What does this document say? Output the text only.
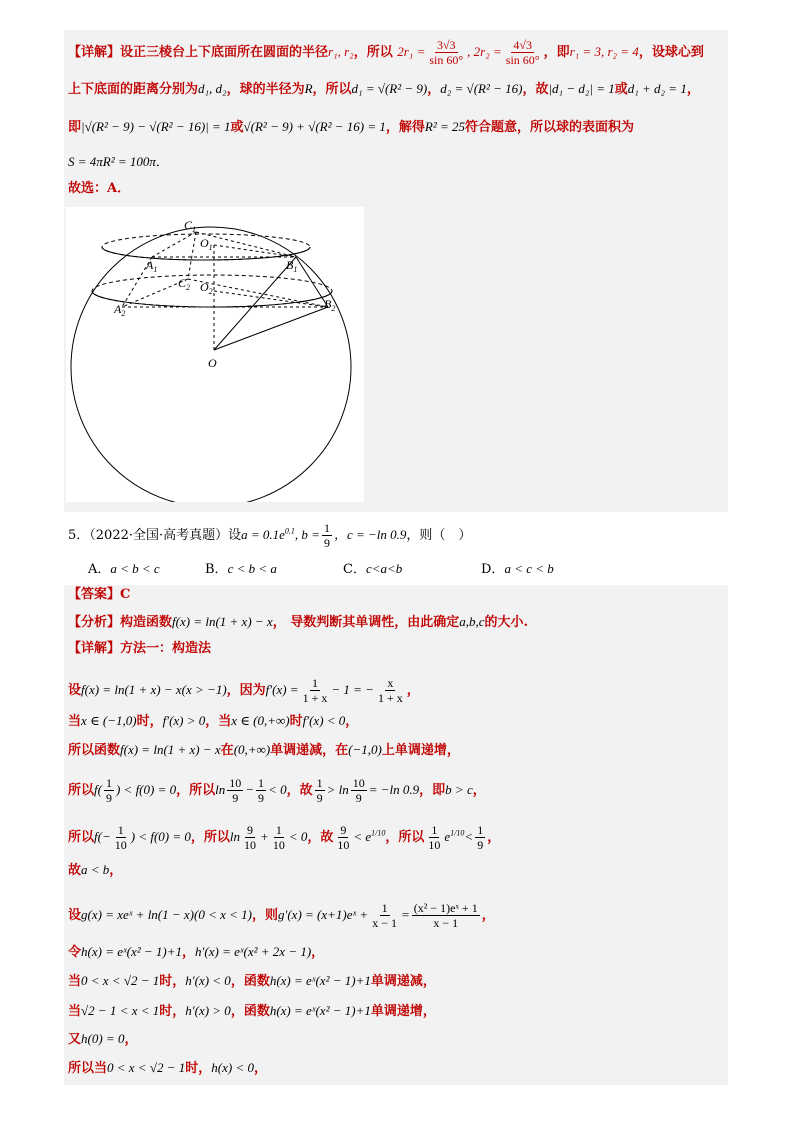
【详解】设正三棱台上下底面所在圆面的半径r₁, r₂，所以 $2r_1 = \frac{3√3}{\sin 60^\circ}$ , $2r_2 = \frac{4√3}{\sin 60^\circ}$ ，即r₁ = 3, r₂ = 4，设球心到
上下底面的距离分别为d₁, d₂，球的半径为R，所以d₁ = √(R² − 9)，d₂ = √(R² − 16)，故|d₁ − d₂| = 1或d₁ + d₂ = 1，
即|√(R² − 9) − √(R² − 16)| = 1或√(R² − 9) + √(R² − 16) = 1，解得R² = 25符合题意，所以球的表面积为
S = 4πR² = 100π．
故选：A．
$C_1$
$O_1$
$A_1$	$B_1$
$C_2$ $O_2$
$A_2$
$B_2$
O
5．（2022·全国·高考真题）设$a = 0.1e^{0.1}$, $b = \frac{1}{9}$ ，c = −ln 0.9，则（　）
A．a < b < c	B．c < b < a	C．c<a<b	D．a < c < b
【答案】C
【分析】构造函数f(x) = ln(1 + x) − x， 导数判断其单调性，由此确定a,b,c的大小.
【详解】方法一：构造法
设f(x) = ln(1 + x) − x(x > −1)，因为$f'(x) = \frac{1}{1 + x} - 1$ = − $\frac{x}{1 + x}$ ，
当x ∈ (−1,0)时，f′(x) > 0，当x ∈ (0,+∞)时f′(x) < 0，
所以函数f(x) = ln(1 + x) − x在(0,+∞)单调递减，在(−1,0)上单调递增，
所以$f( \frac{1}{9}$ ) < f(0) = 0，所以$\ln \frac{10}{9} - \frac{1}{9} < 0$，故 $\frac{1}{9} > \ln \frac{10}{9} = -\ln$ 0.9，即b > c，
所以$f(- \frac{1}{10}$ ) < f(0) = 0，所以$\ln \frac{9}{10} + \frac{1}{10} < 0$，故 $\frac{9}{10} < e^{1/10}$，所以 $\frac{1}{10} e^{1/10}< \frac{1}{9}$ ，
故a < b，
设g(x) = xeˣ + ln(1 − x)(0 < x < 1)，则g′(x) = (x+1)eˣ + $\frac{1}{x - 1} = \frac{\text{(x² − 1)eˣ + 1}}{x - 1}$ ，
令h(x) = eˣ(x² − 1)+1，h′(x) = eˣ(x² + 2x − 1)，
当0 < x < √2 − 1时，h′(x) < 0，函数h(x) = eˣ(x² − 1)+1单调递减，
当√2 − 1 < x < 1时，h′(x) > 0，函数h(x) = eˣ(x² − 1)+1单调递增，
又h(0) = 0，
所以当0 < x < √2 − 1时，h(x) < 0，
